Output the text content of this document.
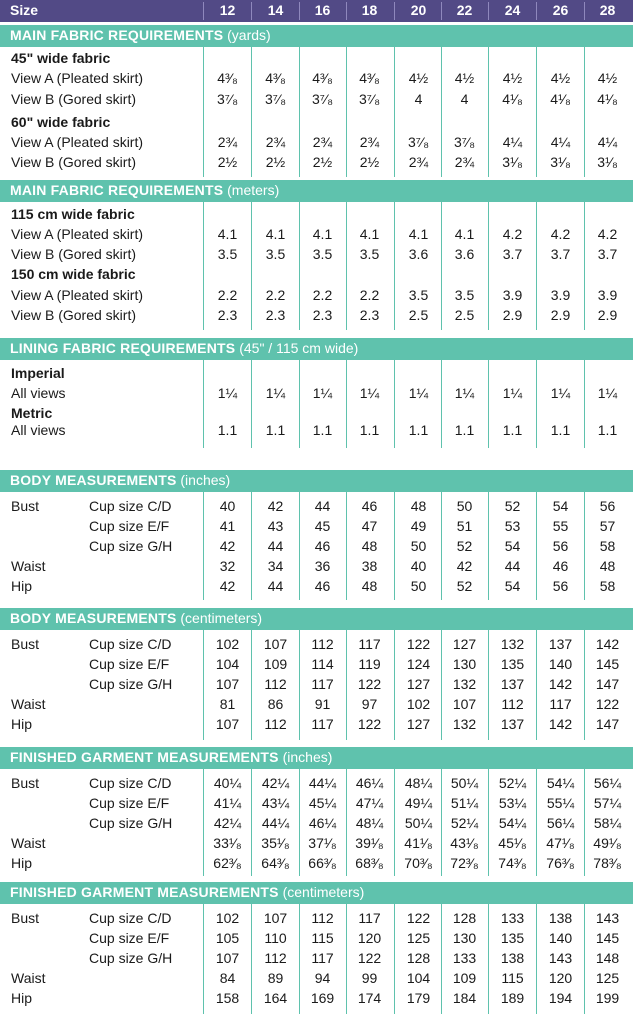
Size	12	14	16	18	20	22	24	26	28
MAIN FABRIC REQUIREMENTS (yards)
45" wide fabric
View A (Pleated skirt)	4³⁄₈	4³⁄₈	4³⁄₈	4³⁄₈	4½	4½	4½	4½	4½
View B (Gored skirt)	3⁷⁄₈	3⁷⁄₈	3⁷⁄₈	3⁷⁄₈	4	4	4¹⁄₈	4¹⁄₈	4¹⁄₈
60" wide fabric
View A (Pleated skirt)	2¾	2¾	2¾	2¾	3⁷⁄₈	3⁷⁄₈	4¼	4¼	4¼
View B (Gored skirt)	2½	2½	2½	2½	2¾	2¾	3¹⁄₈	3¹⁄₈	3¹⁄₈
MAIN FABRIC REQUIREMENTS (meters)
115 cm wide fabric
View A (Pleated skirt)	4.1	4.1	4.1	4.1	4.1	4.1	4.2	4.2	4.2
View B (Gored skirt)	3.5	3.5	3.5	3.5	3.6	3.6	3.7	3.7	3.7
150 cm wide fabric
View A (Pleated skirt)	2.2	2.2	2.2	2.2	3.5	3.5	3.9	3.9	3.9
View B (Gored skirt)	2.3	2.3	2.3	2.3	2.5	2.5	2.9	2.9	2.9
LINING FABRIC REQUIREMENTS (45" / 115 cm wide)
Imperial
All views	1¼	1¼	1¼	1¼	1¼	1¼	1¼	1¼	1¼
Metric
All views	1.1	1.1	1.1	1.1	1.1	1.1	1.1	1.1	1.1
BODY MEASUREMENTS (inches)
Bust	Cup size C/D	40	42	44	46	48	50	52	54	56
Cup size E/F	41	43	45	47	49	51	53	55	57
Cup size G/H	42	44	46	48	50	52	54	56	58
Waist	32	34	36	38	40	42	44	46	48
Hip	42	44	46	48	50	52	54	56	58
BODY MEASUREMENTS (centimeters)
Bust	Cup size C/D	102	107	112	117	122	127	132	137	142
Cup size E/F	104	109	114	119	124	130	135	140	145
Cup size G/H	107	112	117	122	127	132	137	142	147
Waist	81	86	91	97	102	107	112	117	122
Hip	107	112	117	122	127	132	137	142	147
FINISHED GARMENT MEASUREMENTS (inches)
Bust	Cup size C/D	40¼	42¼	44¼	46¼	48¼	50¼	52¼	54¼	56¼
Cup size E/F	41¼	43¼	45¼	47¼	49¼	51¼	53¼	55¼	57¼
Cup size G/H	42¼	44¼	46¼	48¼	50¼	52¼	54¼	56¼	58¼
Waist	33¹⁄₈	35¹⁄₈	37¹⁄₈	39¹⁄₈	41¹⁄₈	43¹⁄₈	45¹⁄₈	47¹⁄₈	49¹⁄₈
Hip	62³⁄₈	64³⁄₈	66³⁄₈	68³⁄₈	70³⁄₈	72³⁄₈	74³⁄₈	76³⁄₈	78³⁄₈
FINISHED GARMENT MEASUREMENTS (centimeters)
Bust	Cup size C/D	102	107	112	117	122	128	133	138	143
Cup size E/F	105	110	115	120	125	130	135	140	145
Cup size G/H	107	112	117	122	128	133	138	143	148
Waist	84	89	94	99	104	109	115	120	125
Hip	158	164	169	174	179	184	189	194	199
